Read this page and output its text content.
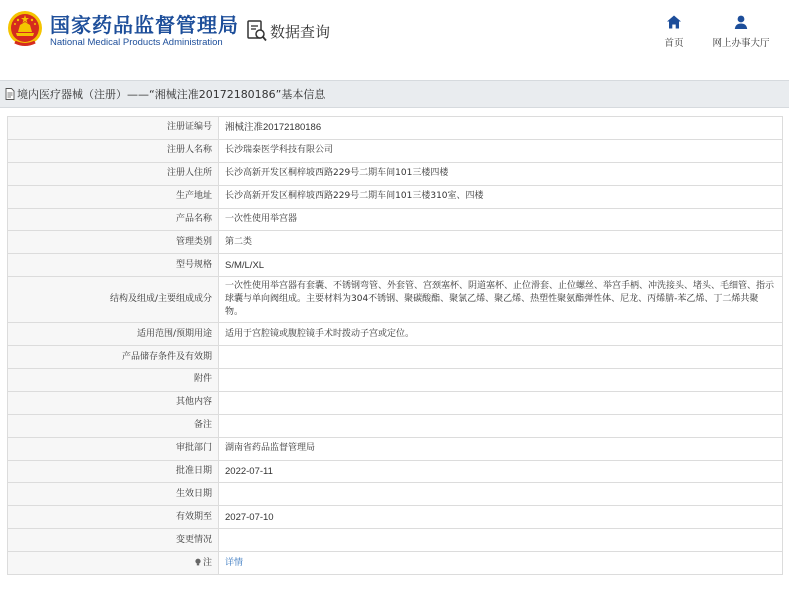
国家药品监督管理局
National Medical Products Administration
数据查询
首页	网上办事大厅
境内医疗器械（注册）——“湘械注准20172180186”基本信息
注册证编号	湘械注准20172180186
注册人名称	长沙瑞泰医学科技有限公司
注册人住所	长沙高新开发区桐梓坡西路229号二期车间101三楼四楼
生产地址	长沙高新开发区桐梓坡西路229号二期车间101三楼310室、四楼
产品名称	一次性使用举宫器
管理类别	第二类
型号规格	S/M/L/XL
结构及组成/主要组成成分	一次性使用举宫器有套囊、不锈钢弯管、外套管、宫颈塞杯、阴道塞杯、止位滑套、止位螺丝、举宫手柄、冲洗接头、堵头、毛细管、指示球囊与单向阀组成。主要材料为304不锈钢、聚碳酸酯、聚氯乙烯、聚乙烯、热塑性聚氨酯弹性体、尼龙、丙烯腈-苯乙烯、丁二烯共聚物。

适用范围/预期用途	适用于宫腔镜或腹腔镜手术时拨动子宫或定位。
产品储存条件及有效期	
附件	
其他内容	
备注	
审批部门	湖南省药品监督管理局
批准日期	2022-07-11
生效日期	
有效期至	2027-07-10
变更情况	
注	详情
